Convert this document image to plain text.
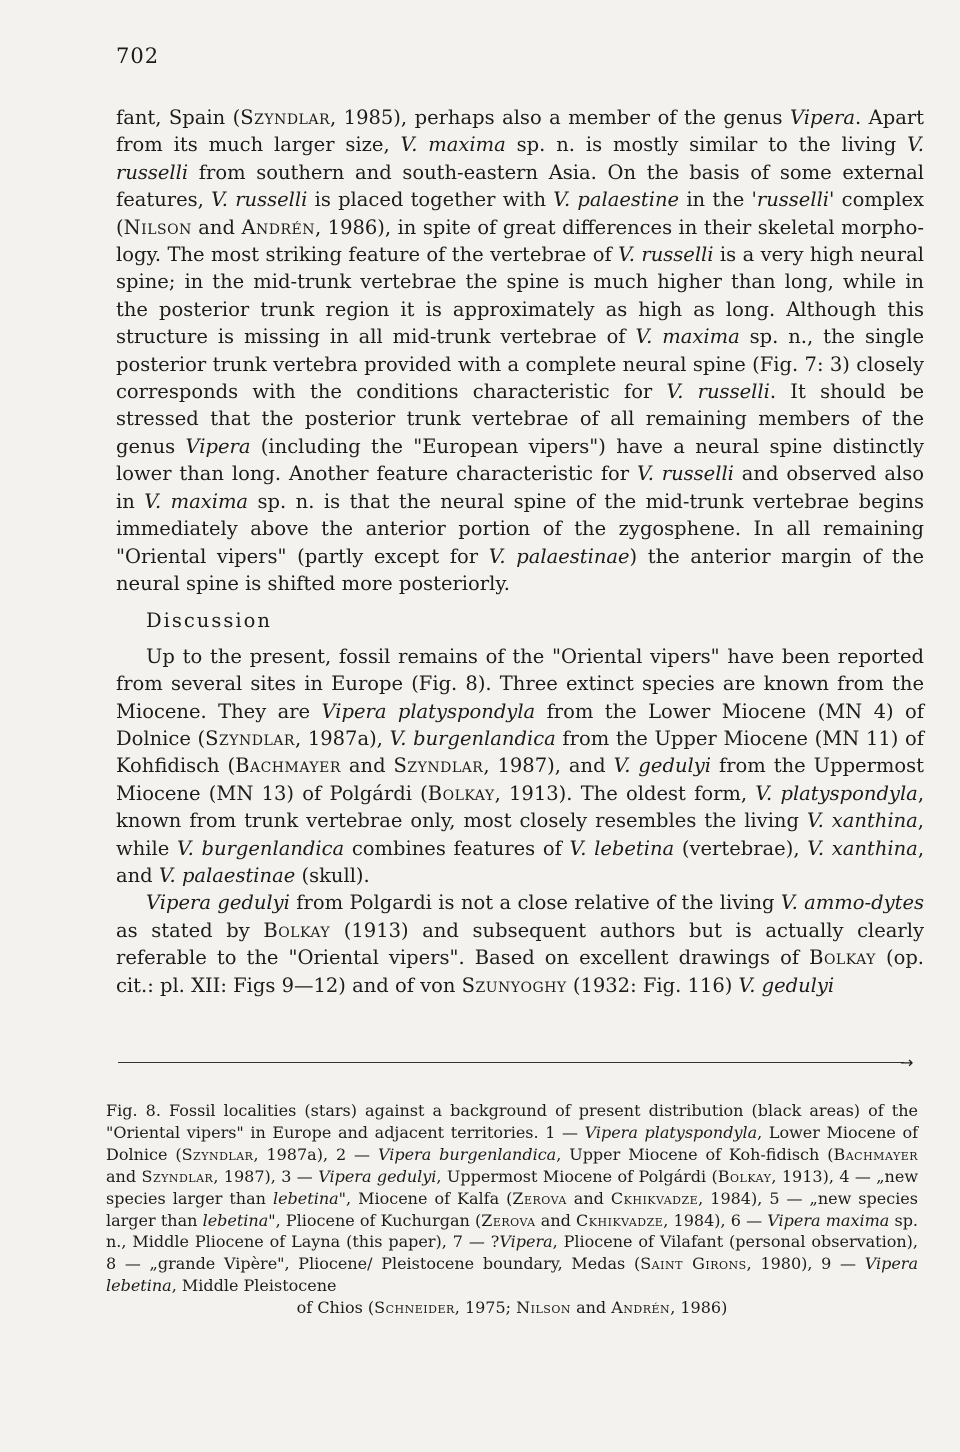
702

fant, Spain (Szyndlar, 1985), perhaps also a member of the genus Vipera. Apart from its much larger size, V. maxima sp. n. is mostly similar to the living V. russelli from southern and south-eastern Asia. On the basis of some external features, V. russelli is placed together with V. palaestine in the 'russelli' complex (Nilson and Andrén, 1986), in spite of great differences in their skeletal morpho-logy. The most striking feature of the vertebrae of V. russelli is a very high neural spine; in the mid-trunk vertebrae the spine is much higher than long, while in the posterior trunk region it is approximately as high as long. Although this structure is missing in all mid-trunk vertebrae of V. maxima sp. n., the single posterior trunk vertebra provided with a complete neural spine (Fig. 7: 3) closely corresponds with the conditions characteristic for V. russelli. It should be stressed that the posterior trunk vertebrae of all remaining members of the genus Vipera (including the "European vipers") have a neural spine distinctly lower than long. Another feature characteristic for V. russelli and observed also in V. maxima sp. n. is that the neural spine of the mid-trunk vertebrae begins immediately above the anterior portion of the zygosphene. In all remaining "Oriental vipers" (partly except for V. palaestinae) the anterior margin of the neural spine is shifted more posteriorly.

Discussion

Up to the present, fossil remains of the "Oriental vipers" have been reported from several sites in Europe (Fig. 8). Three extinct species are known from the Miocene. They are Vipera platyspondyla from the Lower Miocene (MN 4) of Dolnice (Szyndlar, 1987a), V. burgenlandica from the Upper Miocene (MN 11) of Kohfidisch (Bachmayer and Szyndlar, 1987), and V. gedulyi from the Uppermost Miocene (MN 13) of Polgárdi (Bolkay, 1913). The oldest form, V. platyspondyla, known from trunk vertebrae only, most closely resembles the living V. xanthina, while V. burgenlandica combines features of V. lebetina (vertebrae), V. xanthina, and V. palaestinae (skull).

Vipera gedulyi from Polgardi is not a close relative of the living V. ammo-dytes as stated by Bolkay (1913) and subsequent authors but is actually clearly referable to the "Oriental vipers". Based on excellent drawings of Bolkay (op. cit.: pl. XII: Figs 9—12) and of von Szunyoghy (1932: Fig. 116) V. gedulyi

→

Fig. 8. Fossil localities (stars) against a background of present distribution (black areas) of the "Oriental vipers" in Europe and adjacent territories. 1 — Vipera platyspondyla, Lower Miocene of Dolnice (Szyndlar, 1987a), 2 — Vipera burgenlandica, Upper Miocene of Koh-fidisch (Bachmayer and Szyndlar, 1987), 3 — Vipera gedulyi, Uppermost Miocene of Polgárdi (Bolkay, 1913), 4 — „new species larger than lebetina", Miocene of Kalfa (Zerova and Ckhikvadze, 1984), 5 — „new species larger than lebetina", Pliocene of Kuchurgan (Zerova and Ckhikvadze, 1984), 6 — Vipera maxima sp. n., Middle Pliocene of Layna (this paper), 7 — ?Vipera, Pliocene of Vilafant (personal observation), 8 — „grande Vipère", Pliocene/ Pleistocene boundary, Medas (Saint Girons, 1980), 9 — Vipera lebetina, Middle Pleistocene

of Chios (Schneider, 1975; Nilson and Andrén, 1986)
